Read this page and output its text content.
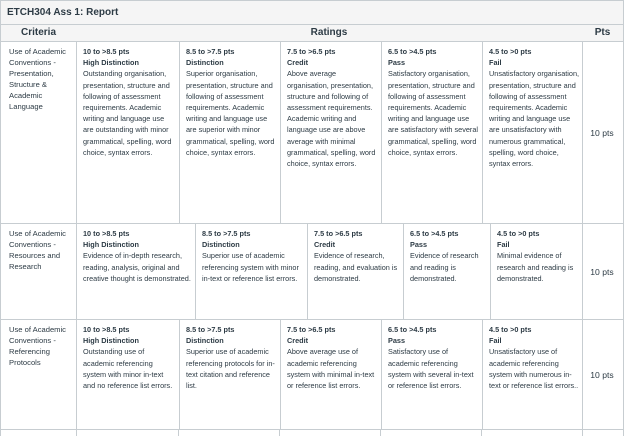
ETCH304 Ass 1: Report
Criteria	Ratings	Pts
Use of Academic Conventions - Presentation, Structure & Academic Language
10 to >8.5 pts
High Distinction
Outstanding organisation, presentation, structure and following of assessment requirements. Academic writing and language use are outstanding with minor grammatical, spelling, word choice, syntax errors.
8.5 to >7.5 pts
Distinction
Superior organisation, presentation, structure and following of assessment requirements. Academic writing and language use are superior with minor grammatical, spelling, word choice, syntax errors.
7.5 to >6.5 pts
Credit
Above average organisation, presentation, structure and following of assessment requirements. Academic writing and language use are above average with minimal grammatical, spelling, word choice, syntax errors.
6.5 to >4.5 pts
Pass
Satisfactory organisation, presentation, structure and following of assessment requirements. Academic writing and language use are satisfactory with several grammatical, spelling, word choice, syntax errors.
4.5 to >0 pts
Fail
Unsatisfactory organisation, presentation, structure and following of assessment requirements. Academic writing and language use are unsatisfactory with numerous grammatical, spelling, word choice, syntax errors.
10 pts
Use of Academic Conventions - Resources and Research
10 to >8.5 pts
High Distinction
Evidence of in-depth research, reading, analysis, original and creative thought is demonstrated.
8.5 to >7.5 pts
Distinction
Superior use of academic referencing system with minor in-text or reference list errors.
7.5 to >6.5 pts
Credit
Evidence of research, reading, and evaluation is demonstrated.
6.5 to >4.5 pts
Pass
Evidence of research and reading is demonstrated.
4.5 to >0 pts
Fail
Minimal evidence of research and reading is demonstrated.
10 pts
Use of Academic Conventions - Referencing Protocols
10 to >8.5 pts
High Distinction
Outstanding use of academic referencing system with minor in-text and no reference list errors.
8.5 to >7.5 pts
Distinction
Superior use of academic referencing protocols for in-text citation and reference list.
7.5 to >6.5 pts
Credit
Above average use of academic referencing system with minimal in-text or reference list errors.
6.5 to >4.5 pts
Pass
Satisfactory use of academic referencing system with several in-text or reference list errors.
4.5 to >0 pts
Fail
Unsatisfactory use of academic referencing system with numerous in-text or reference list errors..
10 pts
